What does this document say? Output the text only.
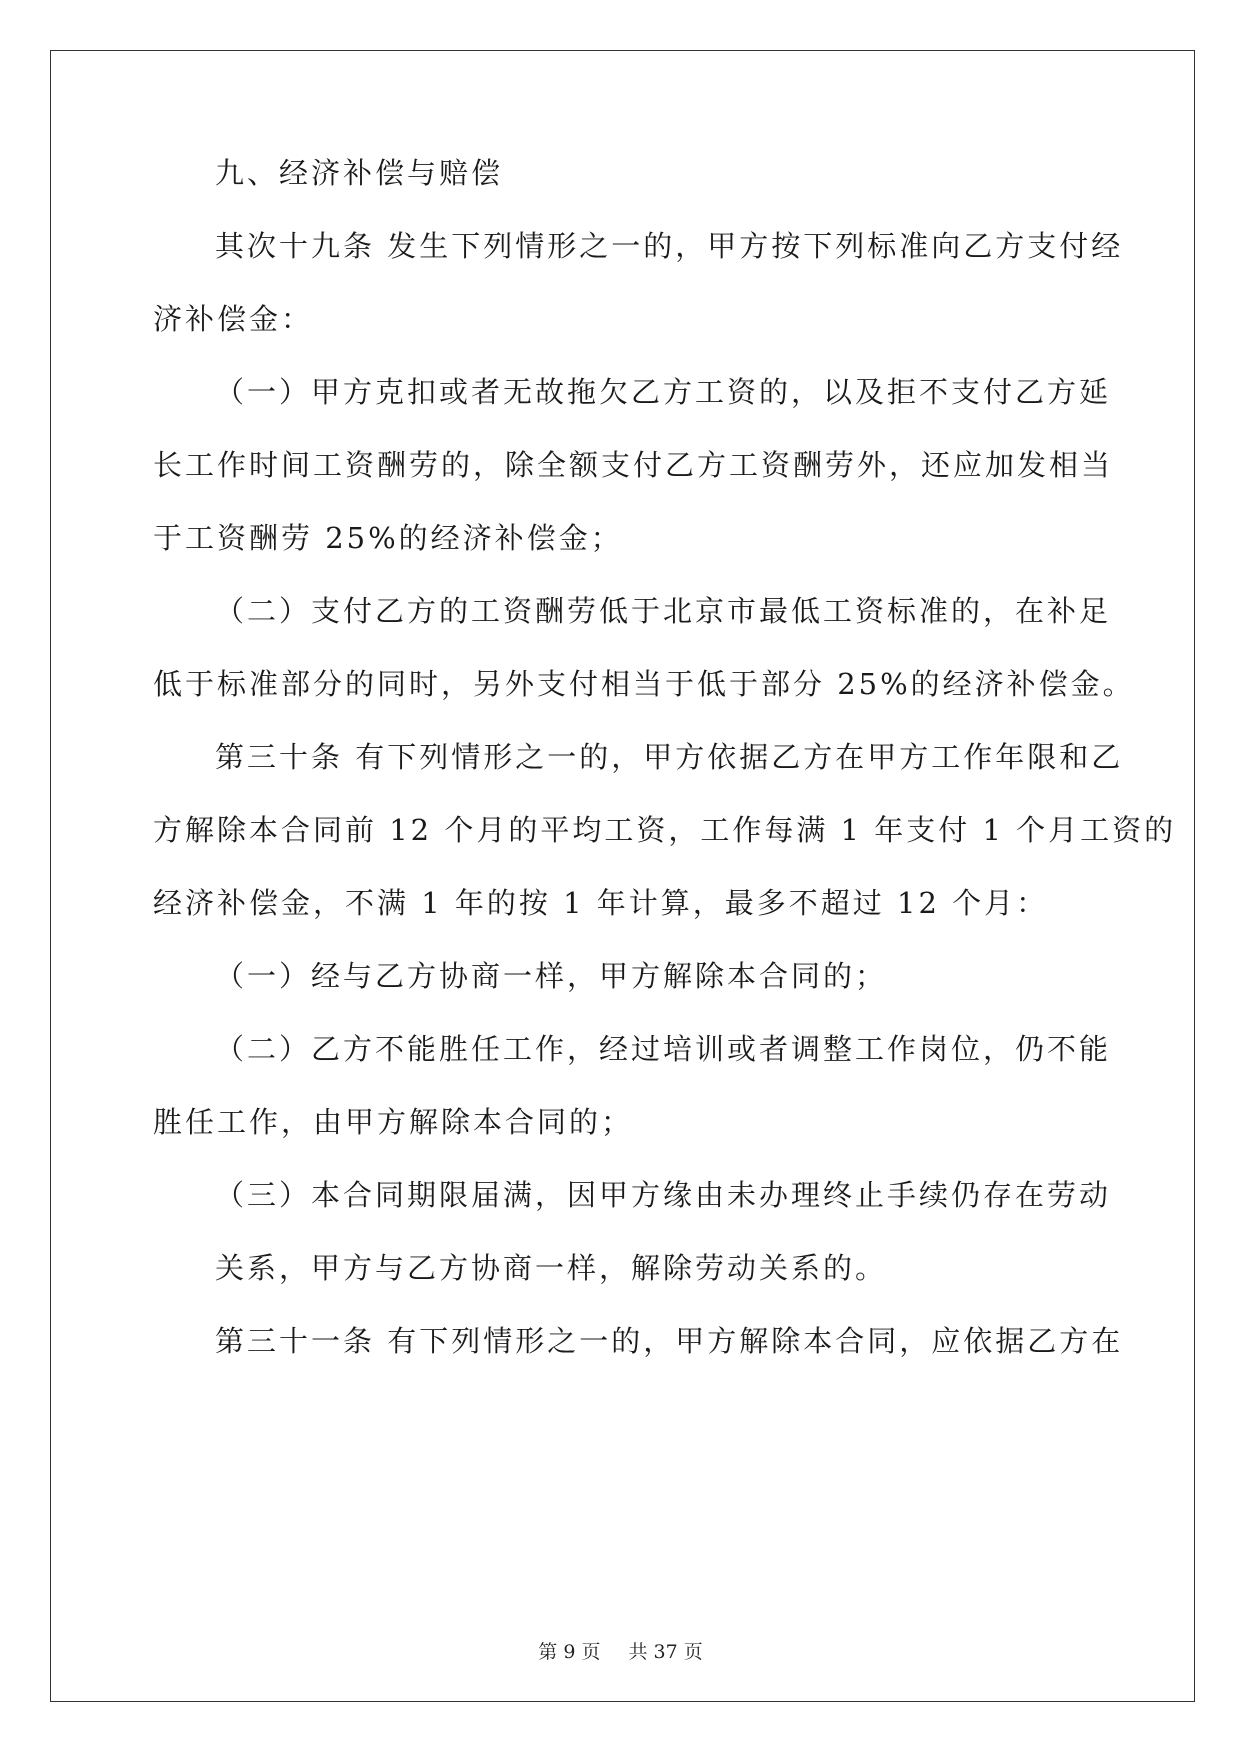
九、经济补偿与赔偿
其次十九条 发生下列情形之一的，甲方按下列标准向乙方支付经
济补偿金：
（一）甲方克扣或者无故拖欠乙方工资的，以及拒不支付乙方延
长工作时间工资酬劳的，除全额支付乙方工资酬劳外，还应加发相当
于工资酬劳 25%的经济补偿金；
（二）支付乙方的工资酬劳低于北京市最低工资标准的，在补足
低于标准部分的同时，另外支付相当于低于部分 25%的经济补偿金。
第三十条 有下列情形之一的，甲方依据乙方在甲方工作年限和乙
方解除本合同前 12 个月的平均工资，工作每满 1 年支付 1 个月工资的
经济补偿金，不满 1 年的按 1 年计算，最多不超过 12 个月：
（一）经与乙方协商一样，甲方解除本合同的；
（二）乙方不能胜任工作，经过培训或者调整工作岗位，仍不能
胜任工作，由甲方解除本合同的；
（三）本合同期限届满，因甲方缘由未办理终止手续仍存在劳动
关系，甲方与乙方协商一样，解除劳动关系的。
第三十一条 有下列情形之一的，甲方解除本合同，应依据乙方在
第 9 页 共 37 页
